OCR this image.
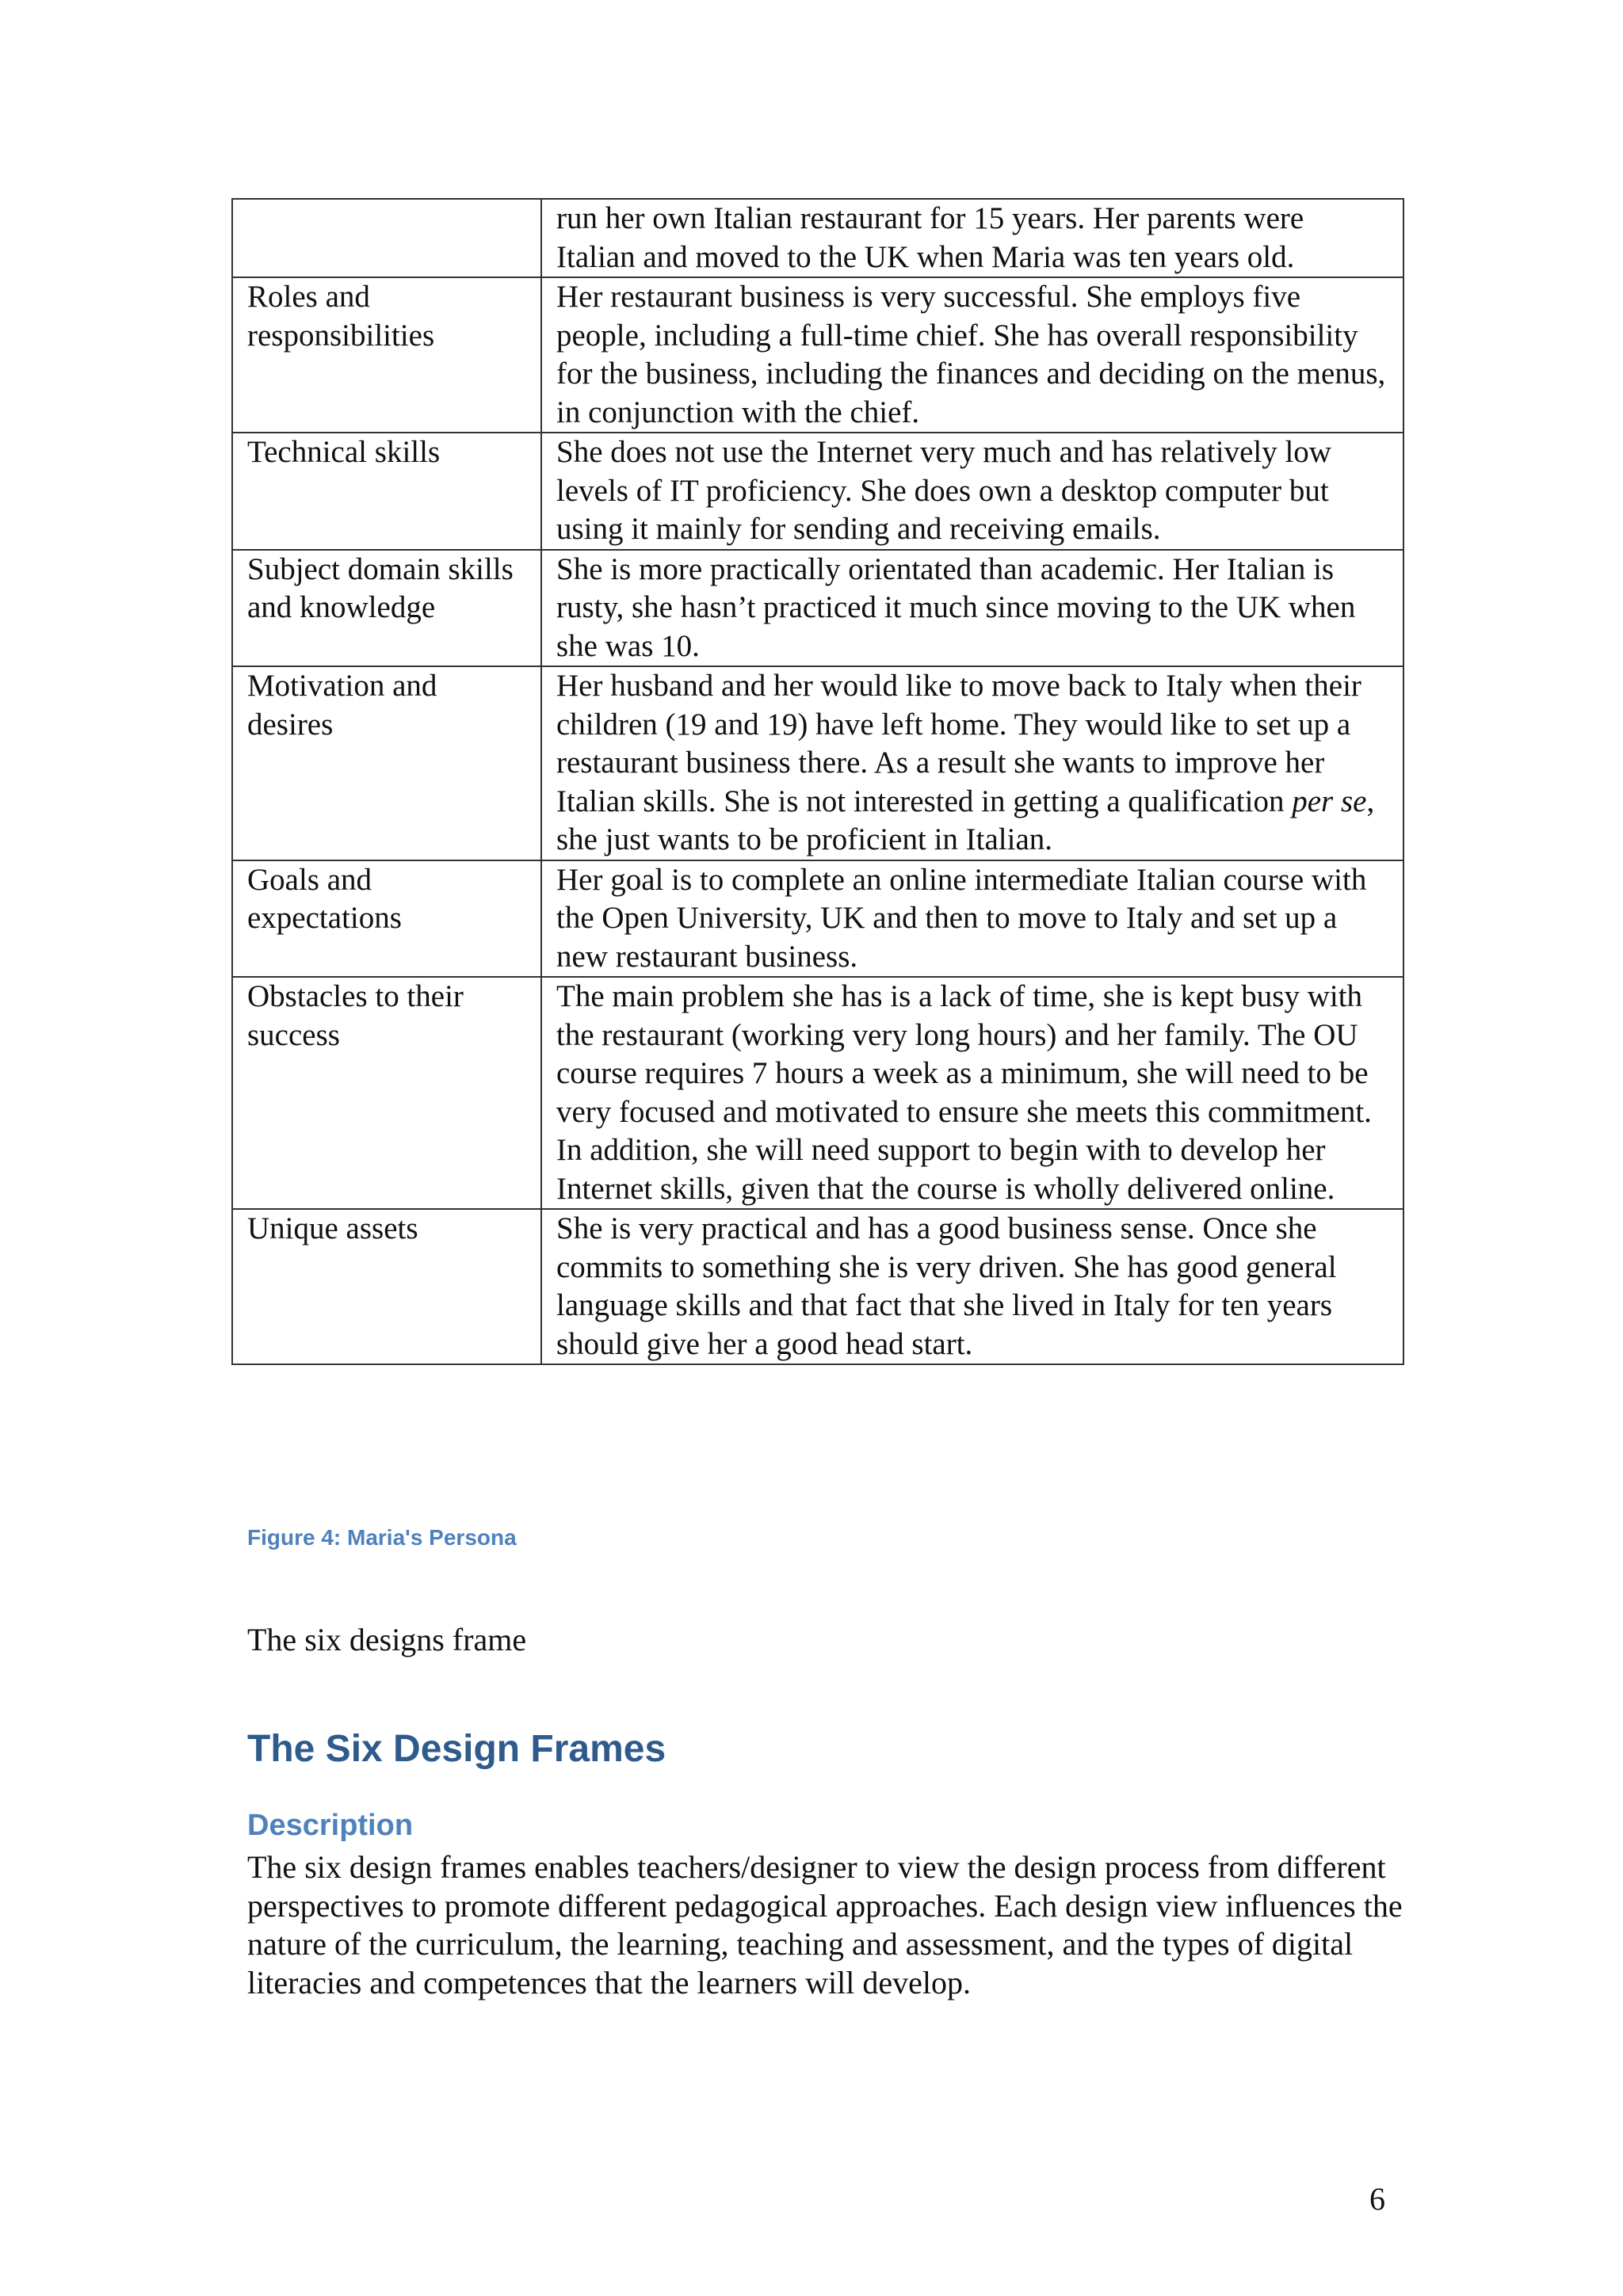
	run her own Italian restaurant for 15 years. Her parents were Italian and moved to the UK when Maria was ten years old.
Roles and responsibilities	Her restaurant business is very successful. She employs five people, including a full-time chief. She has overall responsibility for the business, including the finances and deciding on the menus, in conjunction with the chief.
Technical skills	She does not use the Internet very much and has relatively low levels of IT proficiency. She does own a desktop computer but using it mainly for sending and receiving emails.
Subject domain skills and knowledge	She is more practically orientated than academic. Her Italian is rusty, she hasn’t practiced it much since moving to the UK when she was 10.
Motivation and desires	Her husband and her would like to move back to Italy when their children (19 and 19) have left home. They would like to set up a restaurant business there. As a result she wants to improve her Italian skills. She is not interested in getting a qualification per se, she just wants to be proficient in Italian.
Goals and expectations	Her goal is to complete an online intermediate Italian course with the Open University, UK and then to move to Italy and set up a new restaurant business.
Obstacles to their success	The main problem she has is a lack of time, she is kept busy with the restaurant (working very long hours) and her family. The OU course requires 7 hours a week as a minimum, she will need to be very focused and motivated to ensure she meets this commitment. In addition, she will need support to begin with to develop her Internet skills, given that the course is wholly delivered online.
Unique assets	She is very practical and has a good business sense. Once she commits to something she is very driven. She has good general language skills and that fact that she lived in Italy for ten years should give her a good head start.
Figure 4: Maria's Persona
The six designs frame
The Six Design Frames
Description
The six design frames enables teachers/designer to view the design process from different perspectives to promote different pedagogical approaches. Each design view influences the nature of the curriculum, the learning, teaching and assessment, and the types of digital literacies and competences that the learners will develop.
6
